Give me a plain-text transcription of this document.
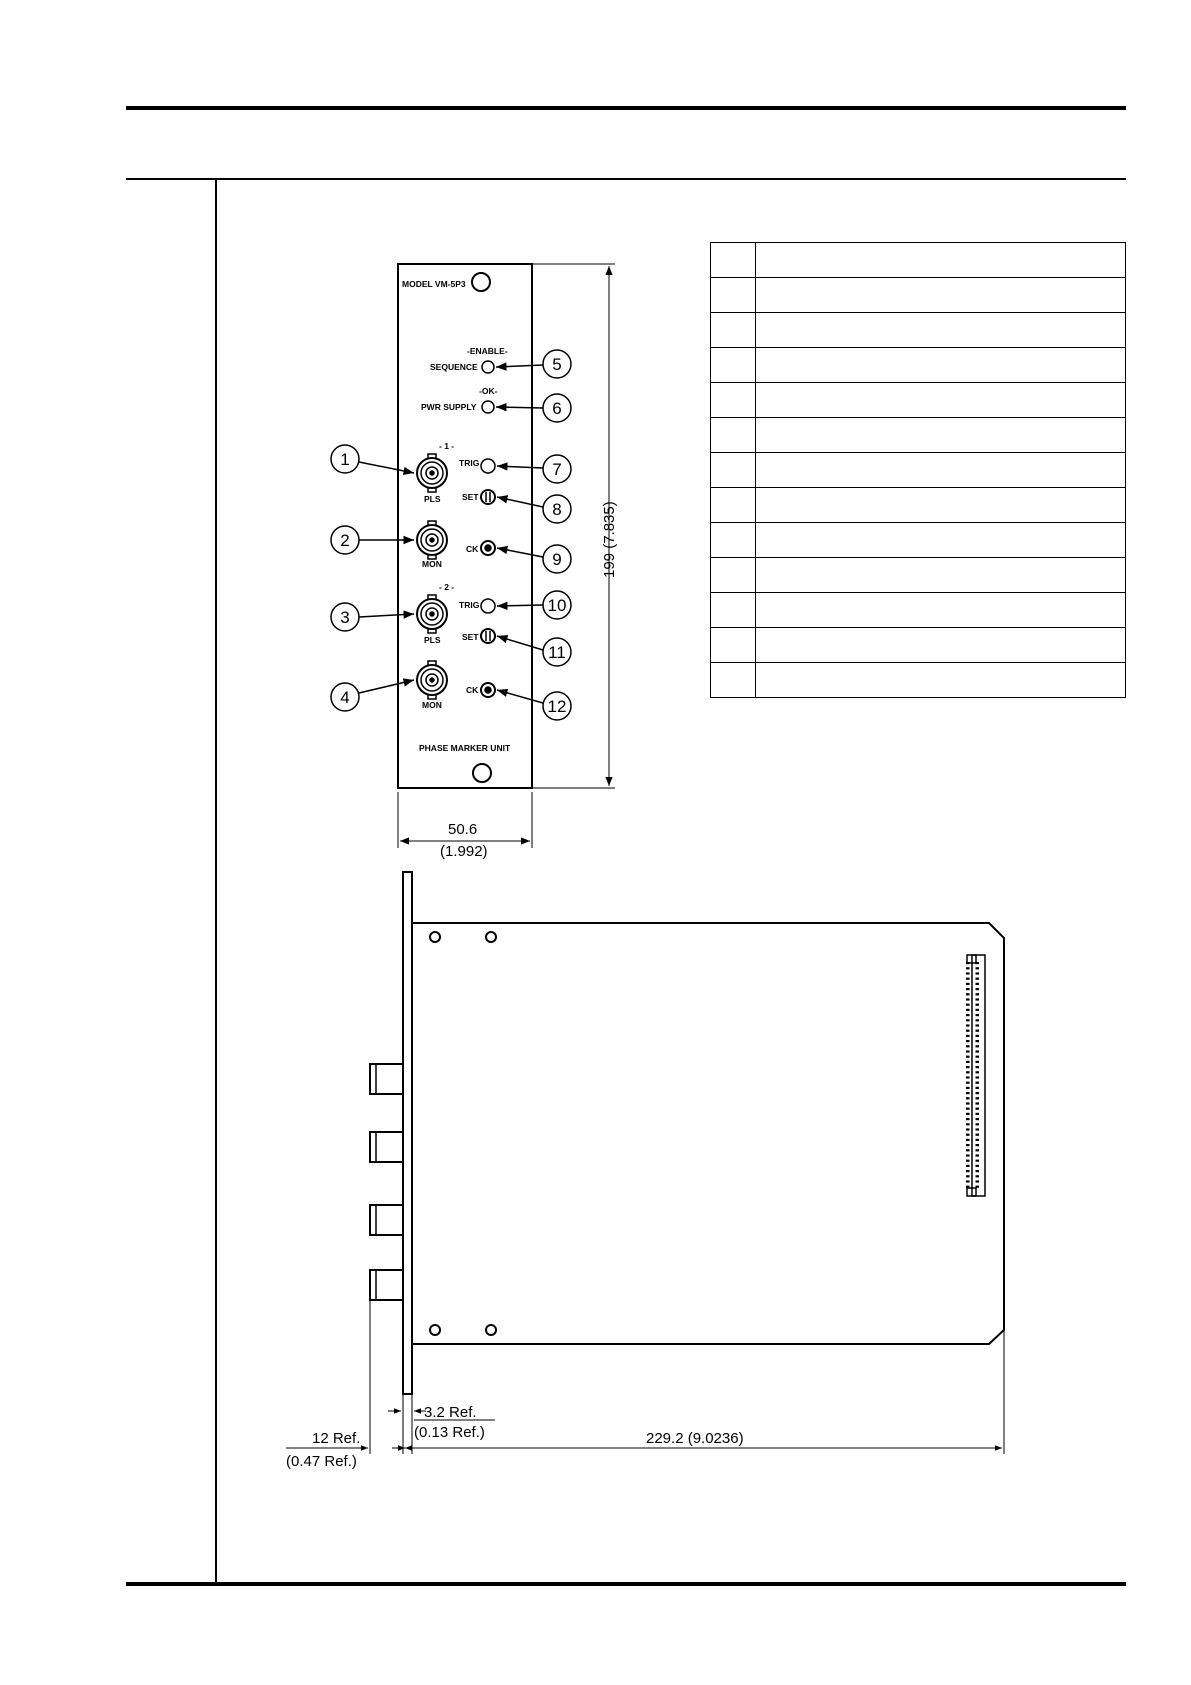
MODEL VM-5P3
-ENABLE-
SEQUENCE
-OK-
PWR SUPPLY
- 1 -
TRIG
SET
PLS
CK
MON
- 2 -
TRIG
SET
PLS
CK
MON
PHASE MARKER UNIT
1
2
3
4
5
6
7
8
9
10
11
12
199 (7.835)
50.6
(1.992)
3.2 Ref.
(0.13 Ref.)
12 Ref.
(0.47 Ref.)
229.2 (9.0236)
